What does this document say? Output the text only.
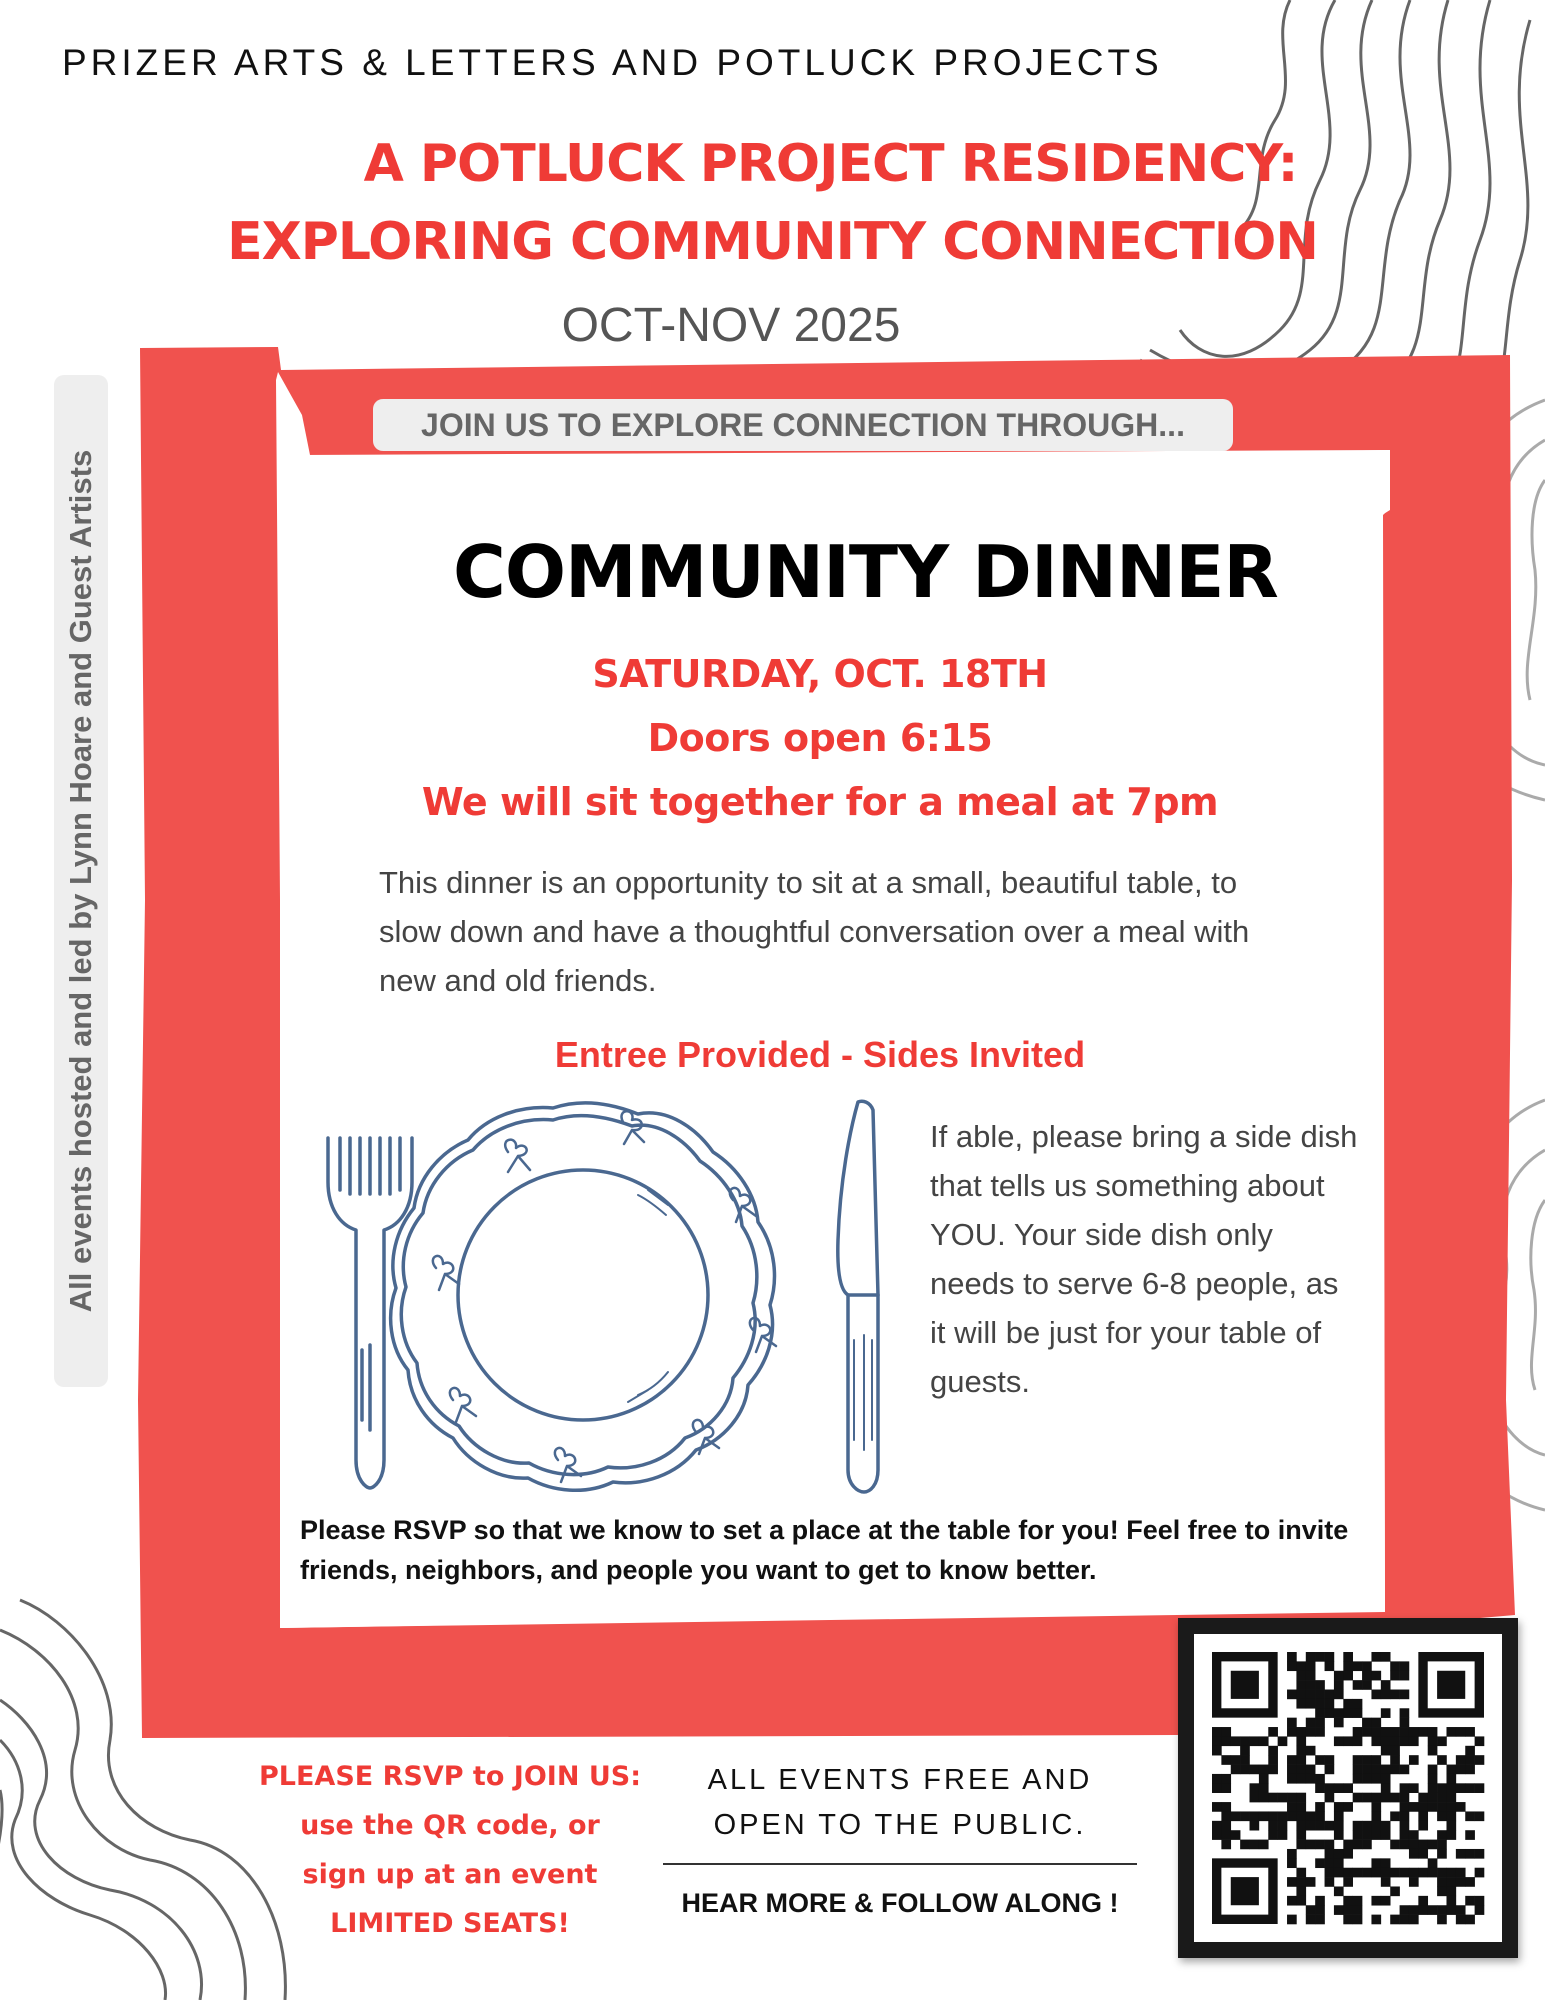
PRIZER ARTS & LETTERS AND POTLUCK PROJECTS
A POTLUCK PROJECT RESIDENCY:
EXPLORING COMMUNITY CONNECTION
OCT-NOV 2025
All events hosted and led by Lynn Hoare and Guest Artists
JOIN US TO EXPLORE CONNECTION THROUGH...
COMMUNITY DINNER
SATURDAY, OCT. 18TH
Doors open 6:15
We will sit together for a meal at 7pm
This dinner is an opportunity to sit at a small, beautiful table, to slow down and have a thoughtful conversation over a meal with new and old friends.
Entree Provided - Sides Invited
If able, please bring a side dish that tells us something about YOU. Your side dish only needs to serve 6-8 people, as it will be just for your table of guests.
Please RSVP so that we know to set a place at the table for you! Feel free to invite friends, neighbors, and people you want to get to know better.
PLEASE RSVP to JOIN US:
use the QR code, or
sign up at an event
LIMITED SEATS!
ALL EVENTS FREE AND
OPEN TO THE PUBLIC.
HEAR MORE & FOLLOW ALONG !
